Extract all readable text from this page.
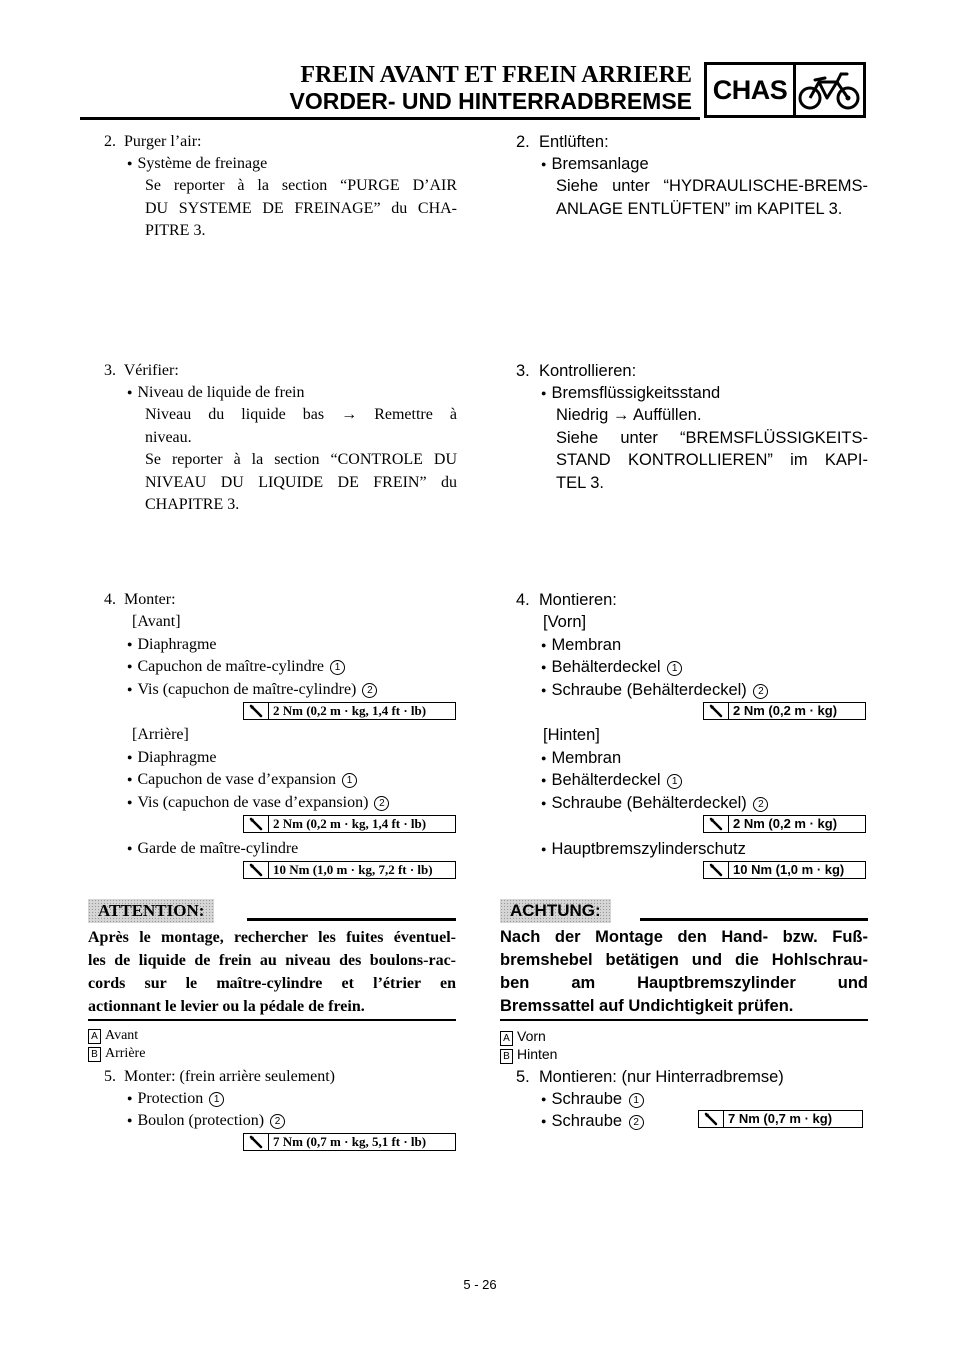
FREIN AVANT ET FREIN ARRIERE
VORDER- UND HINTERRADBREMSE CHAS
2. Purger l’air:
● Système de freinage
Se reporter à la section “PURGE D’AIR
DU SYSTEME DE FREINAGE” du CHA-
PITRE 3.
3. Vérifier:
● Niveau de liquide de frein
Niveau du liquide bas → Remettre à
niveau.
Se reporter à la section “CONTROLE DU
NIVEAU DU LIQUIDE DE FREIN” du
CHAPITRE 3.
4. Monter:
[Avant]
● Diaphragme
● Capuchon de maître-cylindre 1
● Vis (capuchon de maître-cylindre) 2
2 Nm (0,2 m · kg, 1,4 ft · lb)
[Arrière]
● Diaphragme
● Capuchon de vase d’expansion 1
● Vis (capuchon de vase d’expansion) 2
2 Nm (0,2 m · kg, 1,4 ft · lb)
● Garde de maître-cylindre
10 Nm (1,0 m · kg, 7,2 ft · lb)
ATTENTION:
Après le montage, rechercher les fuites éventuel-
les de liquide de frein au niveau des boulons-rac-
cords sur le maître-cylindre et l’étrier en
actionnant le levier ou la pédale de frein.
A Avant
B Arrière
5. Monter: (frein arrière seulement)
● Protection 1
● Boulon (protection) 2
7 Nm (0,7 m · kg, 5,1 ft · lb)
2. Entlüften:
● Bremsanlage
Siehe unter “HYDRAULISCHE-BREMS-
ANLAGE ENTLÜFTEN” im KAPITEL 3.
3. Kontrollieren:
● Bremsflüssigkeitsstand
Niedrig → Auffüllen.
Siehe unter “BREMSFLÜSSIGKEITS-
STAND KONTROLLIEREN” im KAPI-
TEL 3.
4. Montieren:
[Vorn]
● Membran
● Behälterdeckel 1
● Schraube (Behälterdeckel) 2
2 Nm (0,2 m · kg)
[Hinten]
● Membran
● Behälterdeckel 1
● Schraube (Behälterdeckel) 2
2 Nm (0,2 m · kg)
● Hauptbremszylinderschutz
10 Nm (1,0 m · kg)
ACHTUNG:
Nach der Montage den Hand- bzw. Fuß-
bremshebel betätigen und die Hohlschrau-
ben	am	Hauptbremszylinder	und
Bremssattel auf Undichtigkeit prüfen.
A Vorn
B Hinten
5. Montieren: (nur Hinterradbremse)
● Schraube 1
● Schraube 2	7 Nm (0,7 m · kg)
5 - 26
